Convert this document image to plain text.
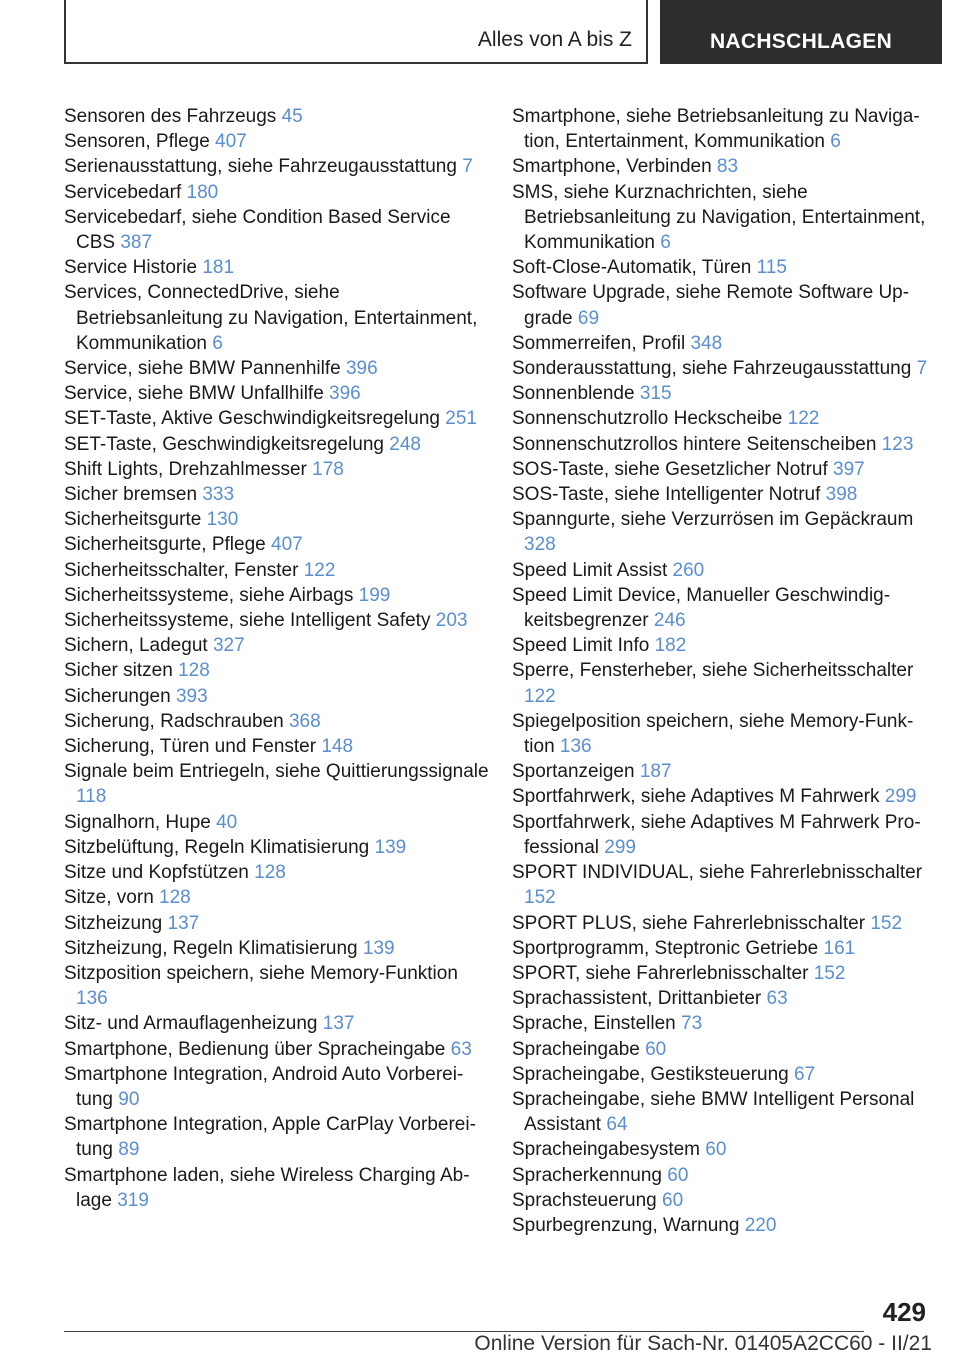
Alles von A bis Z	NACHSCHLAGEN
Sensoren des Fahrzeugs 45
Sensoren, Pflege 407
Serienausstattung, siehe Fahrzeugausstattung 7
Servicebedarf 180
Servicebedarf, siehe Condition Based Service CBS 387
Service Historie 181
Services, ConnectedDrive, siehe Betriebsanleitung zu Navigation, Entertainment, Kommunikation 6
Service, siehe BMW Pannenhilfe 396
Service, siehe BMW Unfallhilfe 396
SET-Taste, Aktive Geschwindigkeitsregelung 251
SET-Taste, Geschwindigkeitsregelung 248
Shift Lights, Drehzahlmesser 178
Sicher bremsen 333
Sicherheitsgurte 130
Sicherheitsgurte, Pflege 407
Sicherheitsschalter, Fenster 122
Sicherheitssysteme, siehe Airbags 199
Sicherheitssysteme, siehe Intelligent Safety 203
Sichern, Ladegut 327
Sicher sitzen 128
Sicherungen 393
Sicherung, Radschrauben 368
Sicherung, Türen und Fenster 148
Signale beim Entriegeln, siehe Quittierungssignale 118
Signalhorn, Hupe 40
Sitzbelüftung, Regeln Klimatisierung 139
Sitze und Kopfstützen 128
Sitze, vorn 128
Sitzheizung 137
Sitzheizung, Regeln Klimatisierung 139
Sitzposition speichern, siehe Memory-Funktion 136
Sitz- und Armauflagenheizung 137
Smartphone, Bedienung über Spracheingabe 63
Smartphone Integration, Android Auto Vorbereitung 90
Smartphone Integration, Apple CarPlay Vorbereitung 89
Smartphone laden, siehe Wireless Charging Ablage 319
Smartphone, siehe Betriebsanleitung zu Navigation, Entertainment, Kommunikation 6
Smartphone, Verbinden 83
SMS, siehe Kurznachrichten, siehe Betriebsanleitung zu Navigation, Entertainment, Kommunikation 6
Soft-Close-Automatik, Türen 115
Software Upgrade, siehe Remote Software Upgrade 69
Sommerreifen, Profil 348
Sonderausstattung, siehe Fahrzeugausstattung 7
Sonnenblende 315
Sonnenschutzrollo Heckscheibe 122
Sonnenschutzrollos hintere Seitenscheiben 123
SOS-Taste, siehe Gesetzlicher Notruf 397
SOS-Taste, siehe Intelligenter Notruf 398
Spanngurte, siehe Verzurrösen im Gepäckraum 328
Speed Limit Assist 260
Speed Limit Device, Manueller Geschwindigkeitsbegrenzer 246
Speed Limit Info 182
Sperre, Fensterheber, siehe Sicherheitsschalter 122
Spiegelposition speichern, siehe Memory-Funktion 136
Sportanzeigen 187
Sportfahrwerk, siehe Adaptives M Fahrwerk 299
Sportfahrwerk, siehe Adaptives M Fahrwerk Professional 299
SPORT INDIVIDUAL, siehe Fahrerlebnisschalter 152
SPORT PLUS, siehe Fahrerlebnisschalter 152
Sportprogramm, Steptronic Getriebe 161
SPORT, siehe Fahrerlebnisschalter 152
Sprachassistent, Drittanbieter 63
Sprache, Einstellen 73
Spracheingabe 60
Spracheingabe, Gestiksteuerung 67
Spracheingabe, siehe BMW Intelligent Personal Assistant 64
Spracheingabesystem 60
Spracherkennung 60
Sprachsteuerung 60
Spurbegrenzung, Warnung 220
429
Online Version für Sach-Nr. 01405A2CC60 - II/21
